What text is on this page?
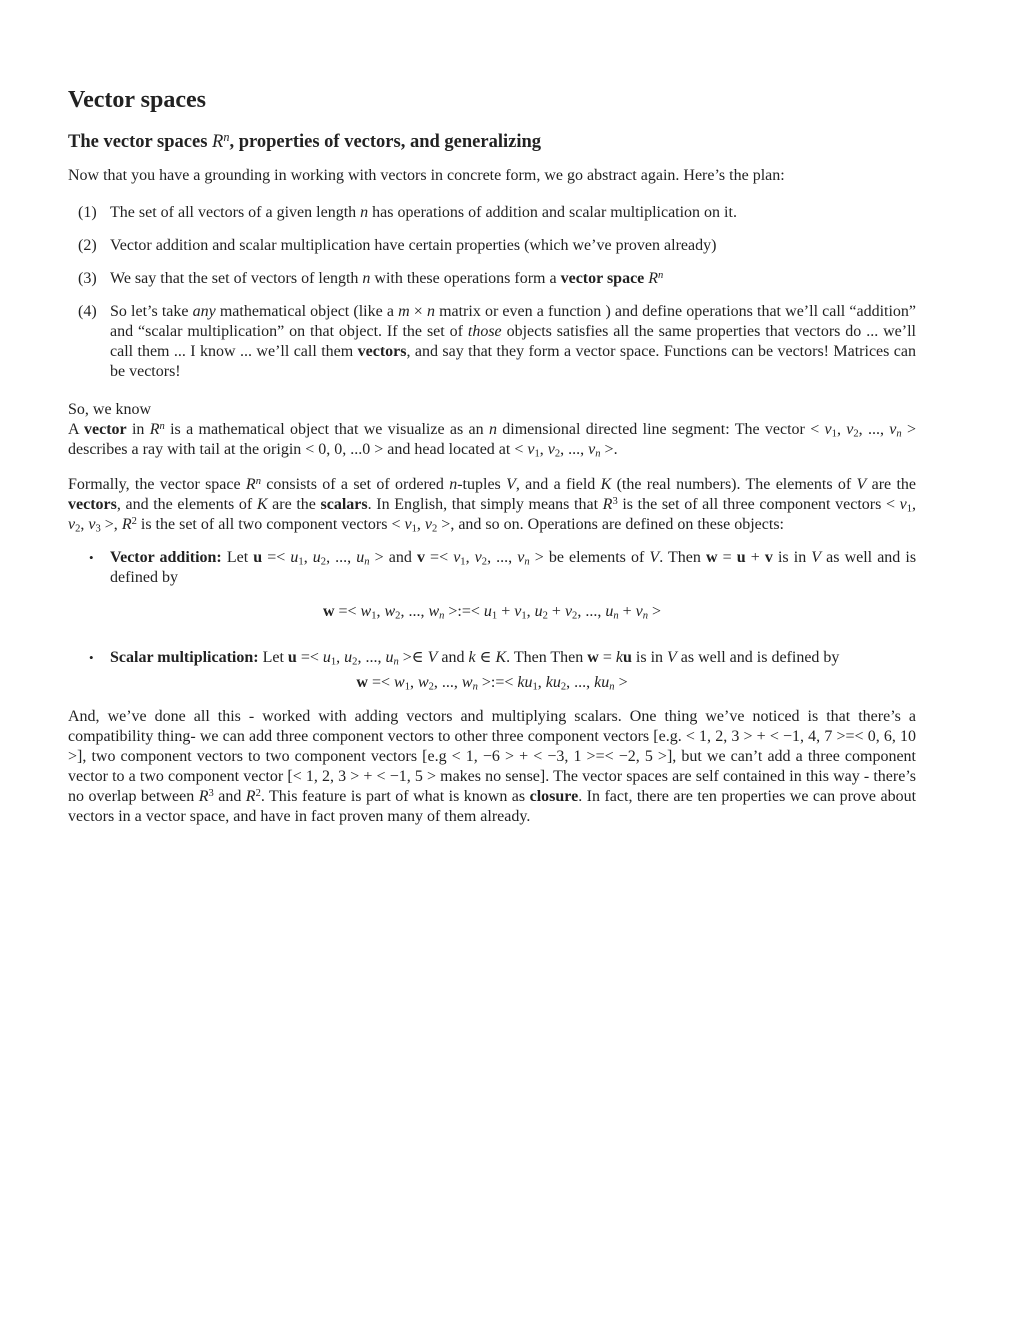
Vector spaces
The vector spaces $R^n$, properties of vectors, and generalizing

Now that you have a grounding in working with vectors in concrete form, we go abstract again. Here’s the plan:

(1) The set of all vectors of a given length n has operations of addition and scalar multiplication on it.
(2) Vector addition and scalar multiplication have certain properties (which we’ve proven already)
(3) We say that the set of vectors of length n with these operations form a vector space $R^n$
(4) So let’s take any mathematical object (like a m × n matrix or even a function ) and define operations that we’ll call “addition” and “scalar multiplication” on that object. If the set of those objects satisfies all the same properties that vectors do ... we’ll call them ... I know ... we’ll call them vectors, and say that they form a vector space. Functions can be vectors! Matrices can be vectors!
So, we know
A vector in $R^n$ is a mathematical object that we visualize as an n dimensional directed line segment: The vector < $v_1$, $v_2$, ..., $v_n$ > describes a ray with tail at the origin < 0, 0, ...0 > and head located at < $v_1$, $v_2$, ..., $v_n$ >.

Formally, the vector space $R^n$ consists of a set of ordered n-tuples V, and a field K (the real numbers). The elements of V are the vectors, and the elements of K are the scalars. In English, that simply means that $R^3$ is the set of all three component vectors < $v_1$, $v_2$, $v_3$ >, $R^2$ is the set of all two component vectors < $v_1$, $v_2$ >, and so on. Operations are defined on these objects:

• Vector addition: Let $u =< u_1$, $u_2$, ..., $u_n$ > and $v =< v_1$, $v_2$, ..., $v_n$ > be elements of V. Then w = u + v is in V as well and is defined by
$w =< w_1$, $w_2$, ..., $w_n$ >:=< $u_1 + v_1$, $u_2 + v_2$, ..., $u_n + v_n$ >
• Scalar multiplication: Let $u =< u_1$, $u_2$, ..., $u_n$ >∈ V and k ∈ K. Then Then w = ku is in V as well and is defined by
$w =< w_1$, $w_2$, ..., $w_n$ >:=< $ku_1$, $ku_2$, ..., $ku_n$ >

And, we’ve done all this - worked with adding vectors and multiplying scalars. One thing we’ve noticed is that there’s a compatibility thing- we can add three component vectors to other three component vectors [e.g. < 1, 2, 3 > + < −1, 4, 7 >=< 0, 6, 10 >], two component vectors to two component vectors [e.g < 1, −6 > + < −3, 1 >=< −2, 5 >], but we can’t add a three component vector to a two component vector [< 1, 2, 3 > + < −1, 5 > makes no sense]. The vector spaces are self contained in this way - there’s no overlap between $R^3$ and $R^2$. This feature is part of what is known as closure. In fact, there are ten properties we can prove about vectors in a vector space, and have in fact proven many of them already.
